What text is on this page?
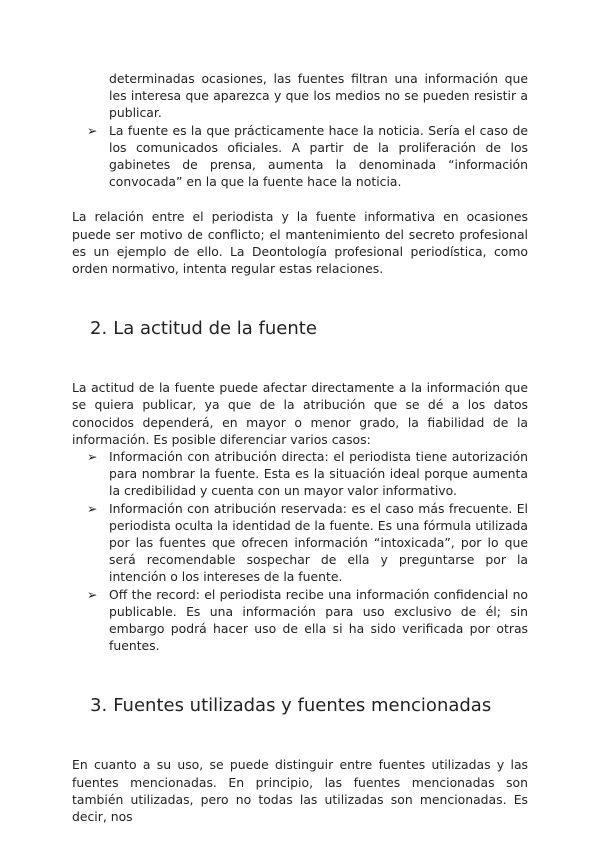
determinadas ocasiones, las fuentes filtran una información que les interesa que aparezca y que los medios no se pueden resistir a publicar.
➢ La fuente es la que prácticamente hace la noticia. Sería el caso de los comunicados oficiales. A partir de la proliferación de los gabinetes de prensa, aumenta la denominada “información convocada” en la que la fuente hace la noticia.

La relación entre el periodista y la fuente informativa en ocasiones puede ser motivo de conflicto; el mantenimiento del secreto profesional es un ejemplo de ello. La Deontología profesional periodística, como orden normativo, intenta regular estas relaciones.

2. La actitud de la fuente

La actitud de la fuente puede afectar directamente a la información que se quiera publicar, ya que de la atribución que se dé a los datos conocidos dependerá, en mayor o menor grado, la fiabilidad de la información. Es posible diferenciar varios casos:

➢ Información con atribución directa: el periodista tiene autorización para nombrar la fuente. Esta es la situación ideal porque aumenta la credibilidad y cuenta con un mayor valor informativo.
➢ Información con atribución reservada: es el caso más frecuente. El periodista oculta la identidad de la fuente. Es una fórmula utilizada por las fuentes que ofrecen información “intoxicada”, por lo que será recomendable sospechar de ella y preguntarse por la intención o los intereses de la fuente.
➢ Off the record: el periodista recibe una información confidencial no publicable. Es una información para uso exclusivo de él; sin embargo podrá hacer uso de ella si ha sido verificada por otras fuentes.
3. Fuentes utilizadas y fuentes mencionadas

En cuanto a su uso, se puede distinguir entre fuentes utilizadas y las fuentes mencionadas. En principio, las fuentes mencionadas son también utilizadas, pero no todas las utilizadas son mencionadas. Es decir, nos
